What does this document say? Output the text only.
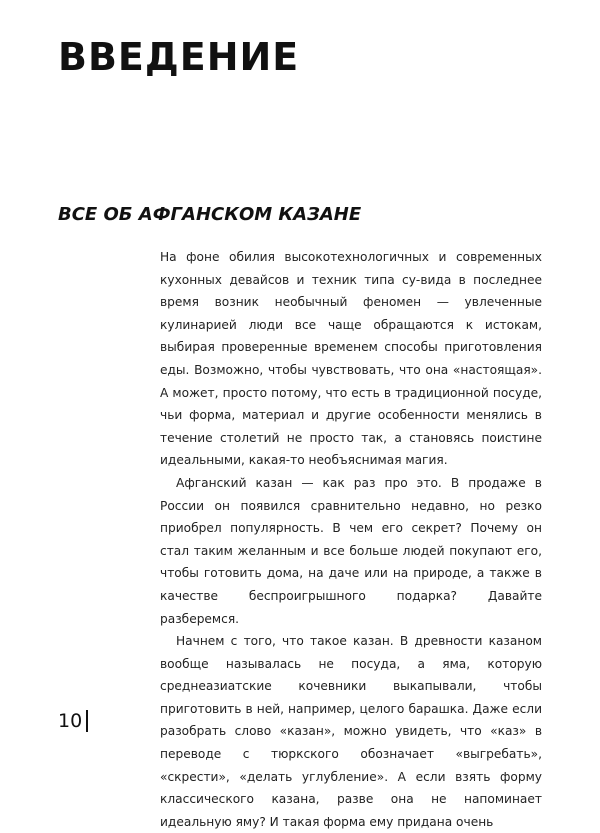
ВВЕДЕНИЕ
ВСЕ ОБ АФГАНСКОМ КАЗАНЕ

На фоне обилия высокотехнологичных и современных кухонных девайсов и техник типа су-вида в последнее время возник необычный феномен — увлеченные кулинарией люди все чаще обращаются к истокам, выбирая проверенные временем способы приготовления еды. Возможно, чтобы чувствовать, что она «настоящая». А может, просто потому, что есть в традиционной посуде, чьи форма, материал и другие особенности менялись в течение столетий не просто так, а становясь поистине идеальными, какая-то необъяснимая магия.

Афганский казан — как раз про это. В продаже в России он появился сравнительно недавно, но резко приобрел популярность. В чем его секрет? Почему он стал таким желанным и все больше людей покупают его, чтобы готовить дома, на даче или на природе, а также в качестве беспроигрышного подарка? Давайте разберемся.

Начнем с того, что такое казан. В древности казаном вообще называлась не посуда, а яма, которую среднеазиатские кочевники выкапывали, чтобы приготовить в ней, например, целого барашка. Даже если разобрать слово «казан», можно увидеть, что «каз» в переводе с тюркского обозначает «выгребать», «скрести», «делать углубление». А если взять форму классического казана, разве она не напоминает идеальную яму? И такая форма ему придана очень

10
